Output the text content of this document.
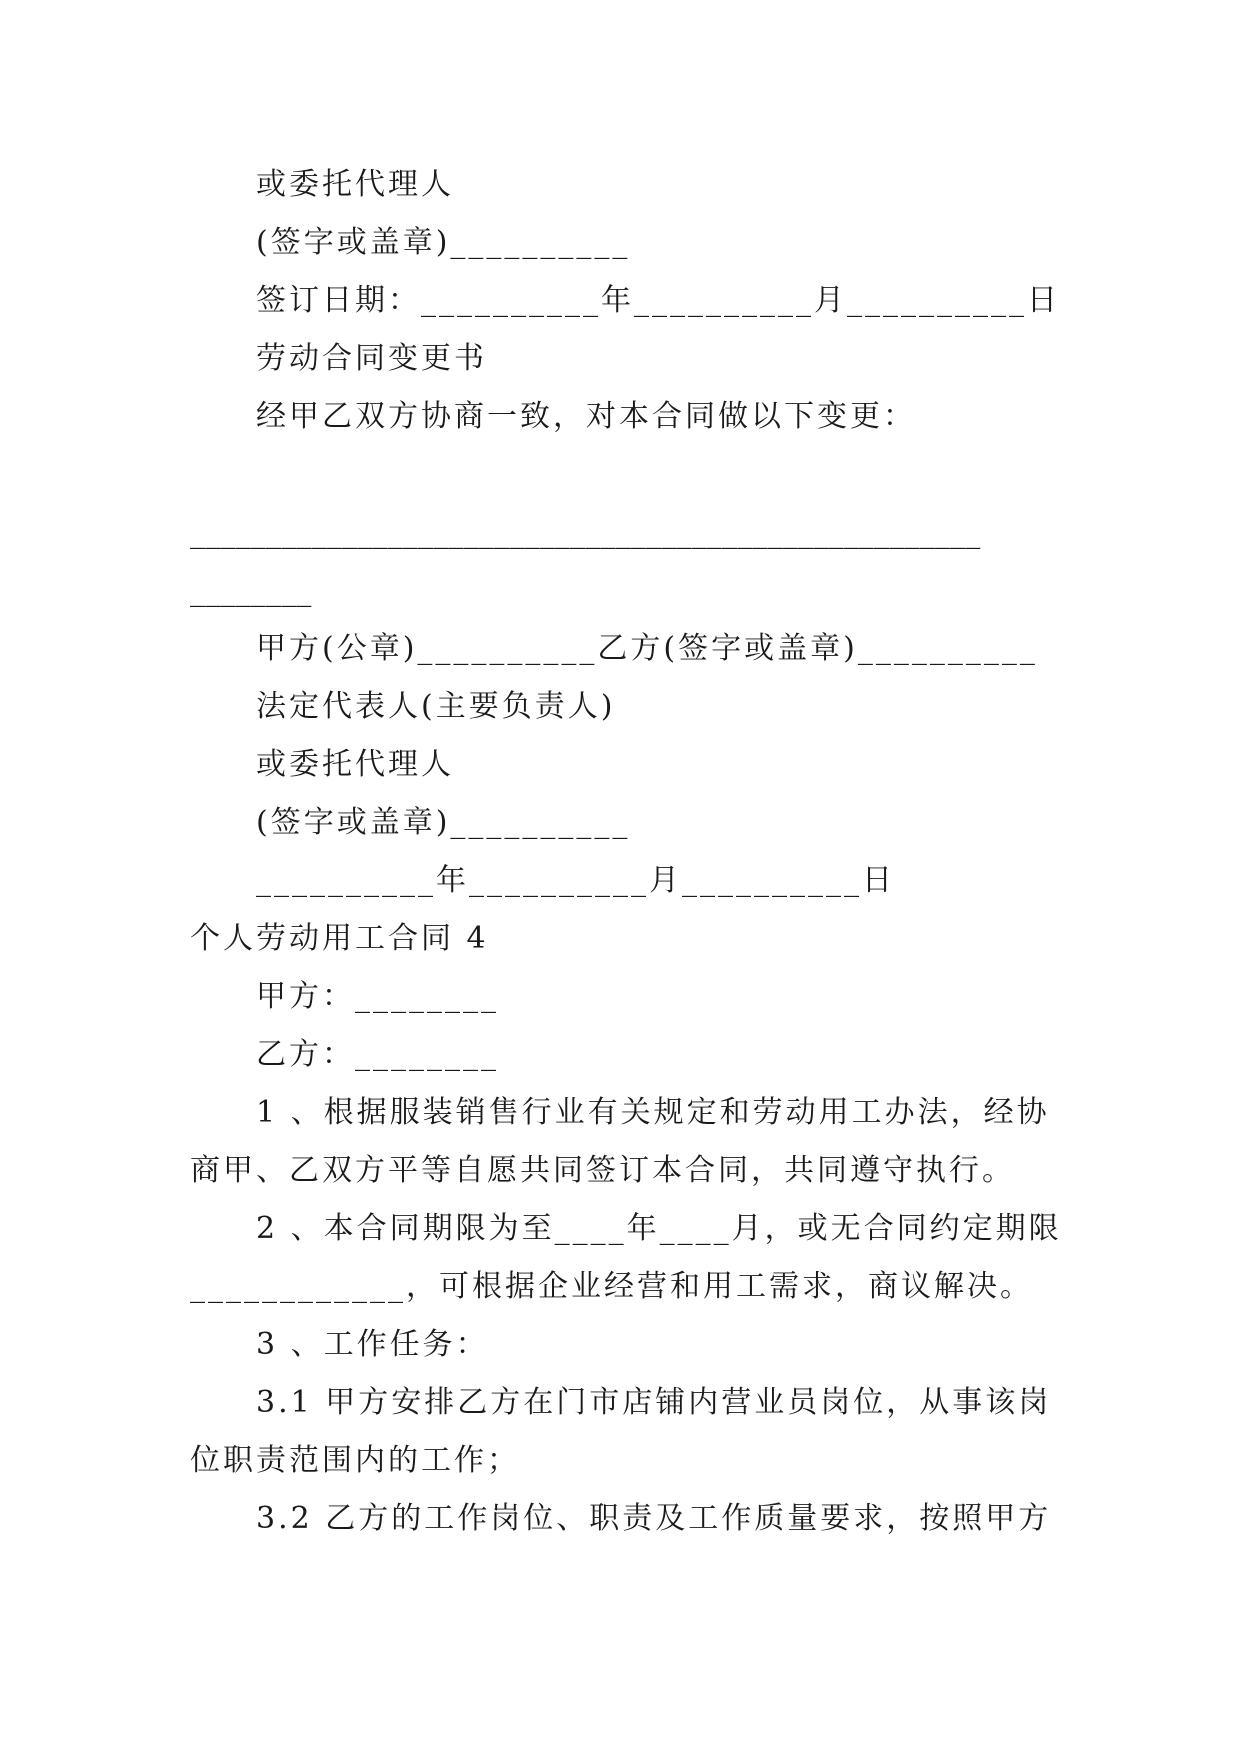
或委托代理人
(签字或盖章)__________
签订日期：__________年__________月__________日
劳动合同变更书
经甲乙双方协商一致，对本合同做以下变更：
____________________________________________________
________
甲方(公章)__________乙方(签字或盖章)__________
法定代表人(主要负责人)
或委托代理人
(签字或盖章)__________
__________年__________月__________日
个人劳动用工合同 4
甲方：________
乙方：________
1 、根据服装销售行业有关规定和劳动用工办法，经协
商甲、乙双方平等自愿共同签订本合同，共同遵守执行。
2 、本合同期限为至____年____月，或无合同约定期限
____________，可根据企业经营和用工需求，商议解决。
3 、工作任务：
3.1 甲方安排乙方在门市店铺内营业员岗位，从事该岗
位职责范围内的工作；
3.2 乙方的工作岗位、职责及工作质量要求，按照甲方
